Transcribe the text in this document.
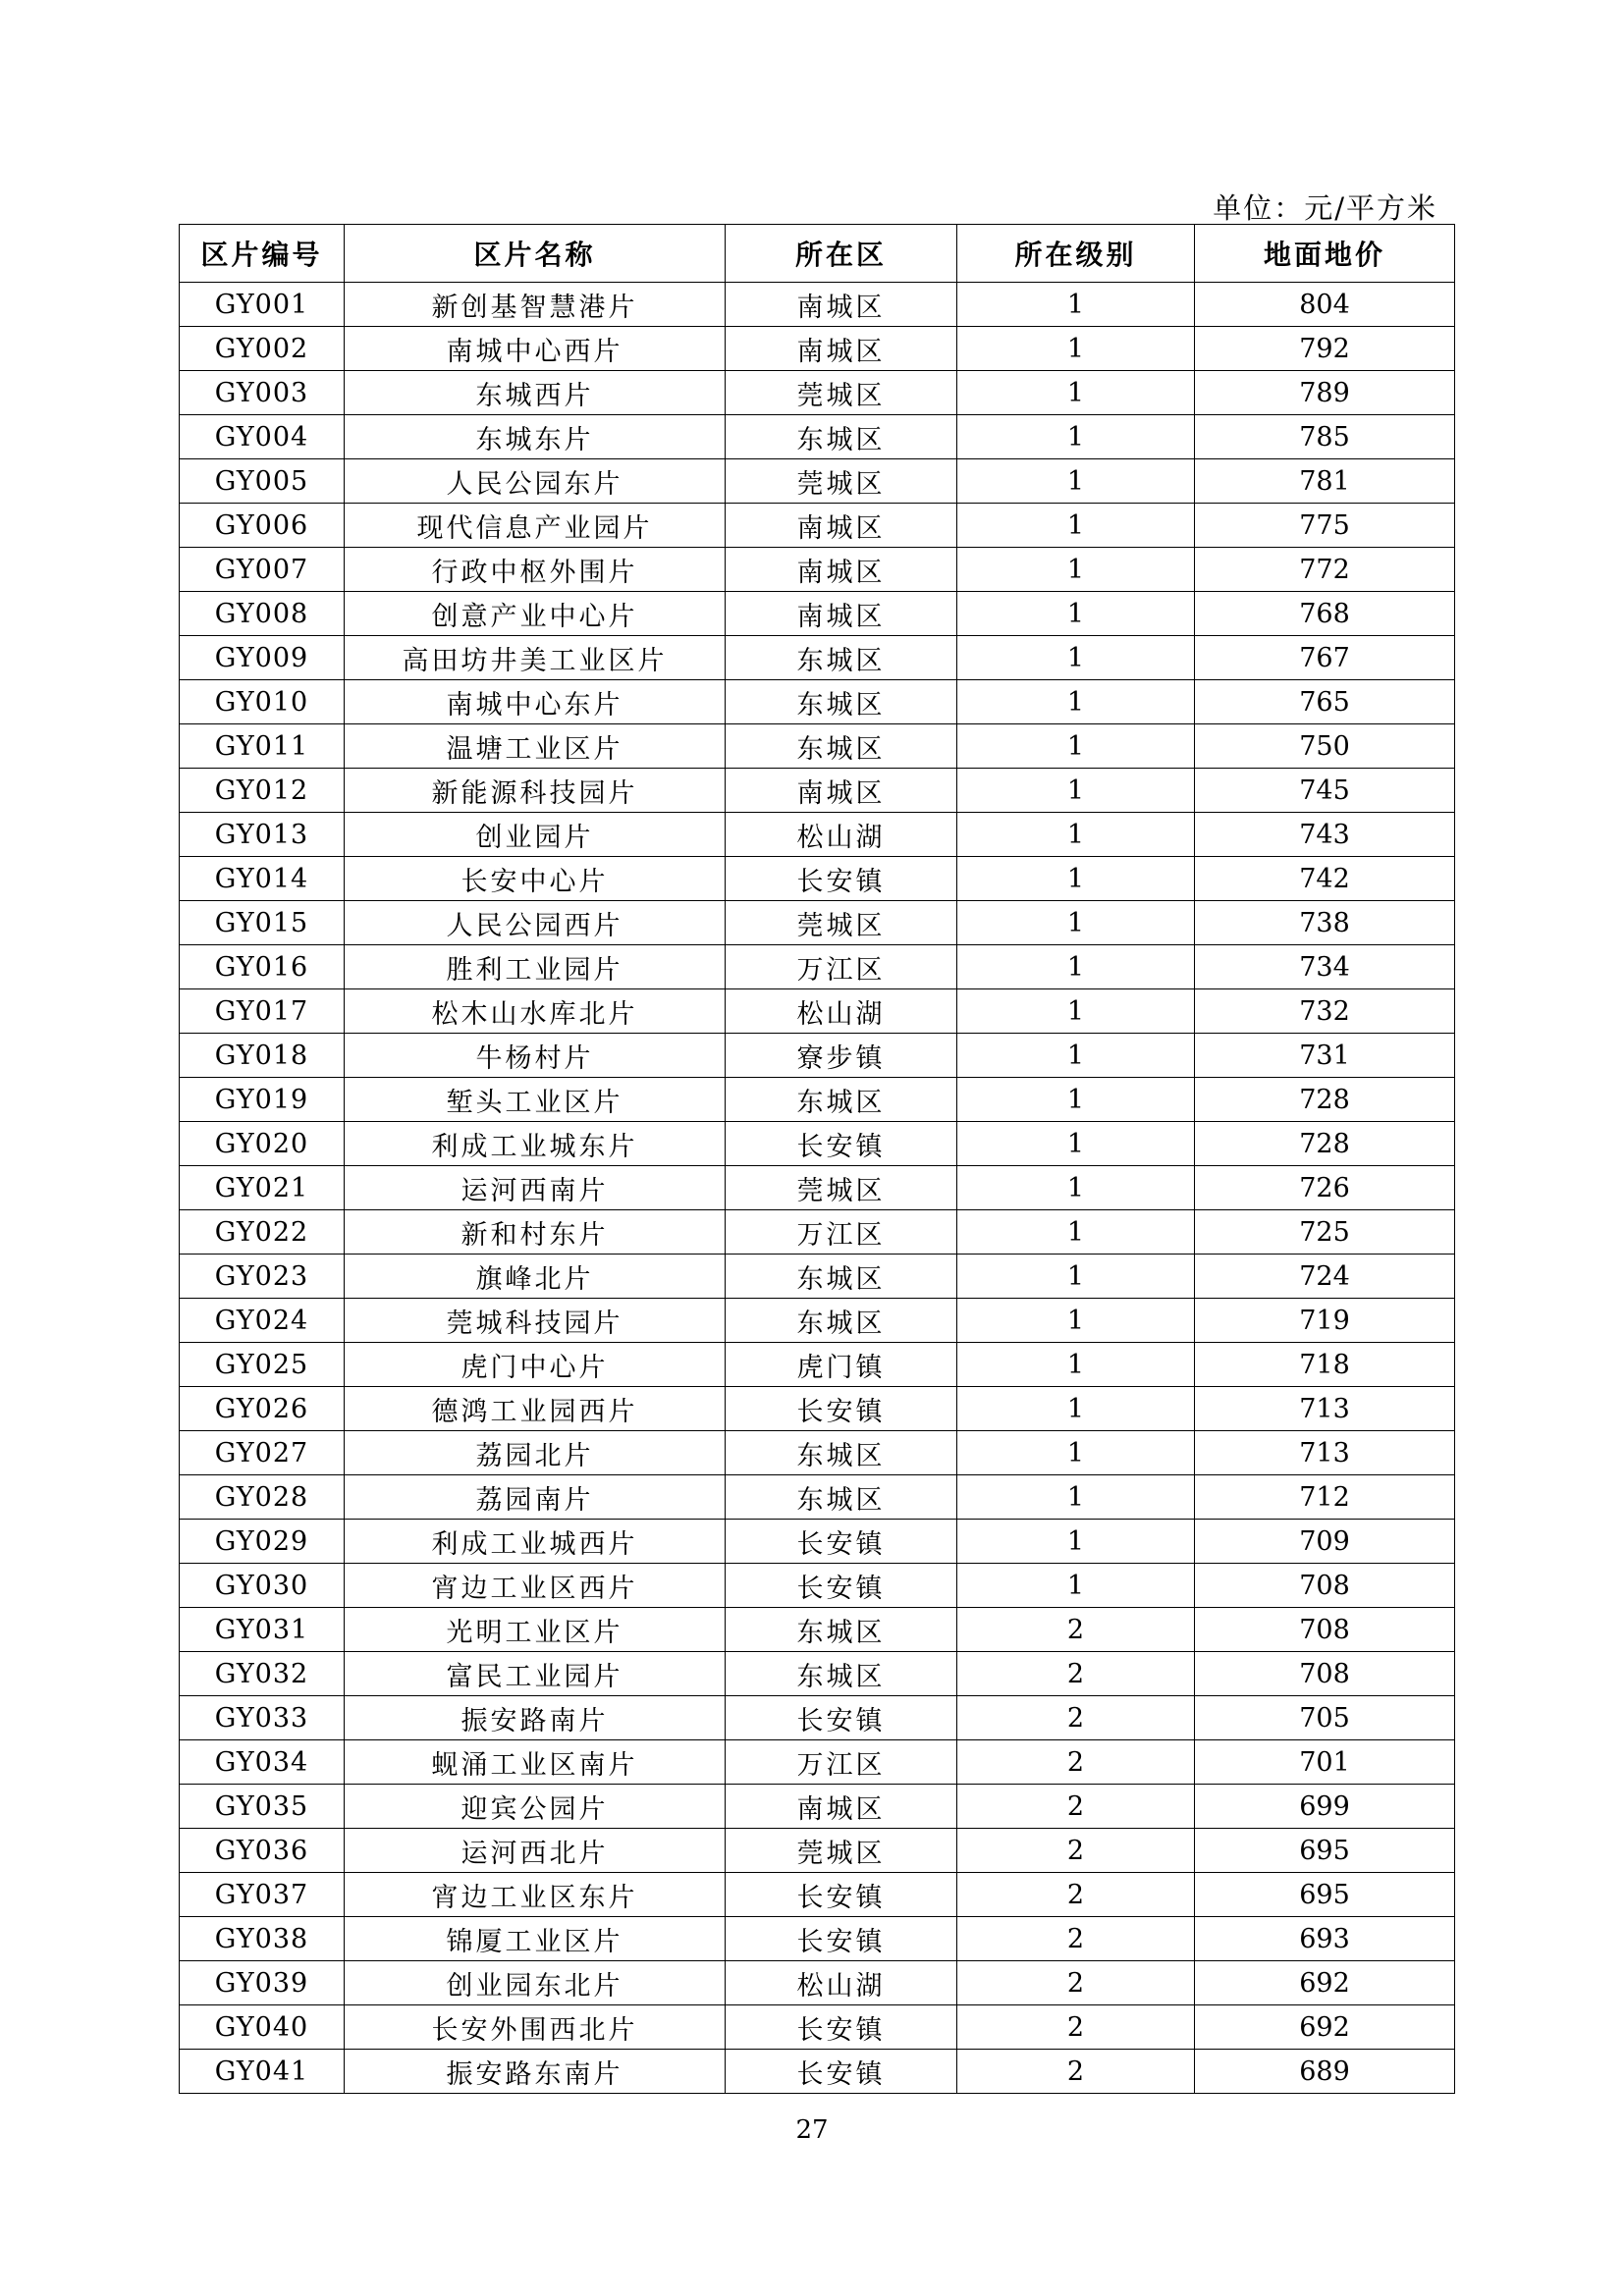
单位：元/平方米
区片编号	区片名称	所在区	所在级别	地面地价
GY001	新创基智慧港片	南城区	1	804
GY002	南城中心西片	南城区	1	792
GY003	东城西片	莞城区	1	789
GY004	东城东片	东城区	1	785
GY005	人民公园东片	莞城区	1	781
GY006	现代信息产业园片	南城区	1	775
GY007	行政中枢外围片	南城区	1	772
GY008	创意产业中心片	南城区	1	768
GY009	高田坊井美工业区片	东城区	1	767
GY010	南城中心东片	东城区	1	765
GY011	温塘工业区片	东城区	1	750
GY012	新能源科技园片	南城区	1	745
GY013	创业园片	松山湖	1	743
GY014	长安中心片	长安镇	1	742
GY015	人民公园西片	莞城区	1	738
GY016	胜利工业园片	万江区	1	734
GY017	松木山水库北片	松山湖	1	732
GY018	牛杨村片	寮步镇	1	731
GY019	堑头工业区片	东城区	1	728
GY020	利成工业城东片	长安镇	1	728
GY021	运河西南片	莞城区	1	726
GY022	新和村东片	万江区	1	725
GY023	旗峰北片	东城区	1	724
GY024	莞城科技园片	东城区	1	719
GY025	虎门中心片	虎门镇	1	718
GY026	德鸿工业园西片	长安镇	1	713
GY027	荔园北片	东城区	1	713
GY028	荔园南片	东城区	1	712
GY029	利成工业城西片	长安镇	1	709
GY030	宵边工业区西片	长安镇	1	708
GY031	光明工业区片	东城区	2	708
GY032	富民工业园片	东城区	2	708
GY033	振安路南片	长安镇	2	705
GY034	蚬涌工业区南片	万江区	2	701
GY035	迎宾公园片	南城区	2	699
GY036	运河西北片	莞城区	2	695
GY037	宵边工业区东片	长安镇	2	695
GY038	锦厦工业区片	长安镇	2	693
GY039	创业园东北片	松山湖	2	692
GY040	长安外围西北片	长安镇	2	692
GY041	振安路东南片	长安镇	2	689
27
